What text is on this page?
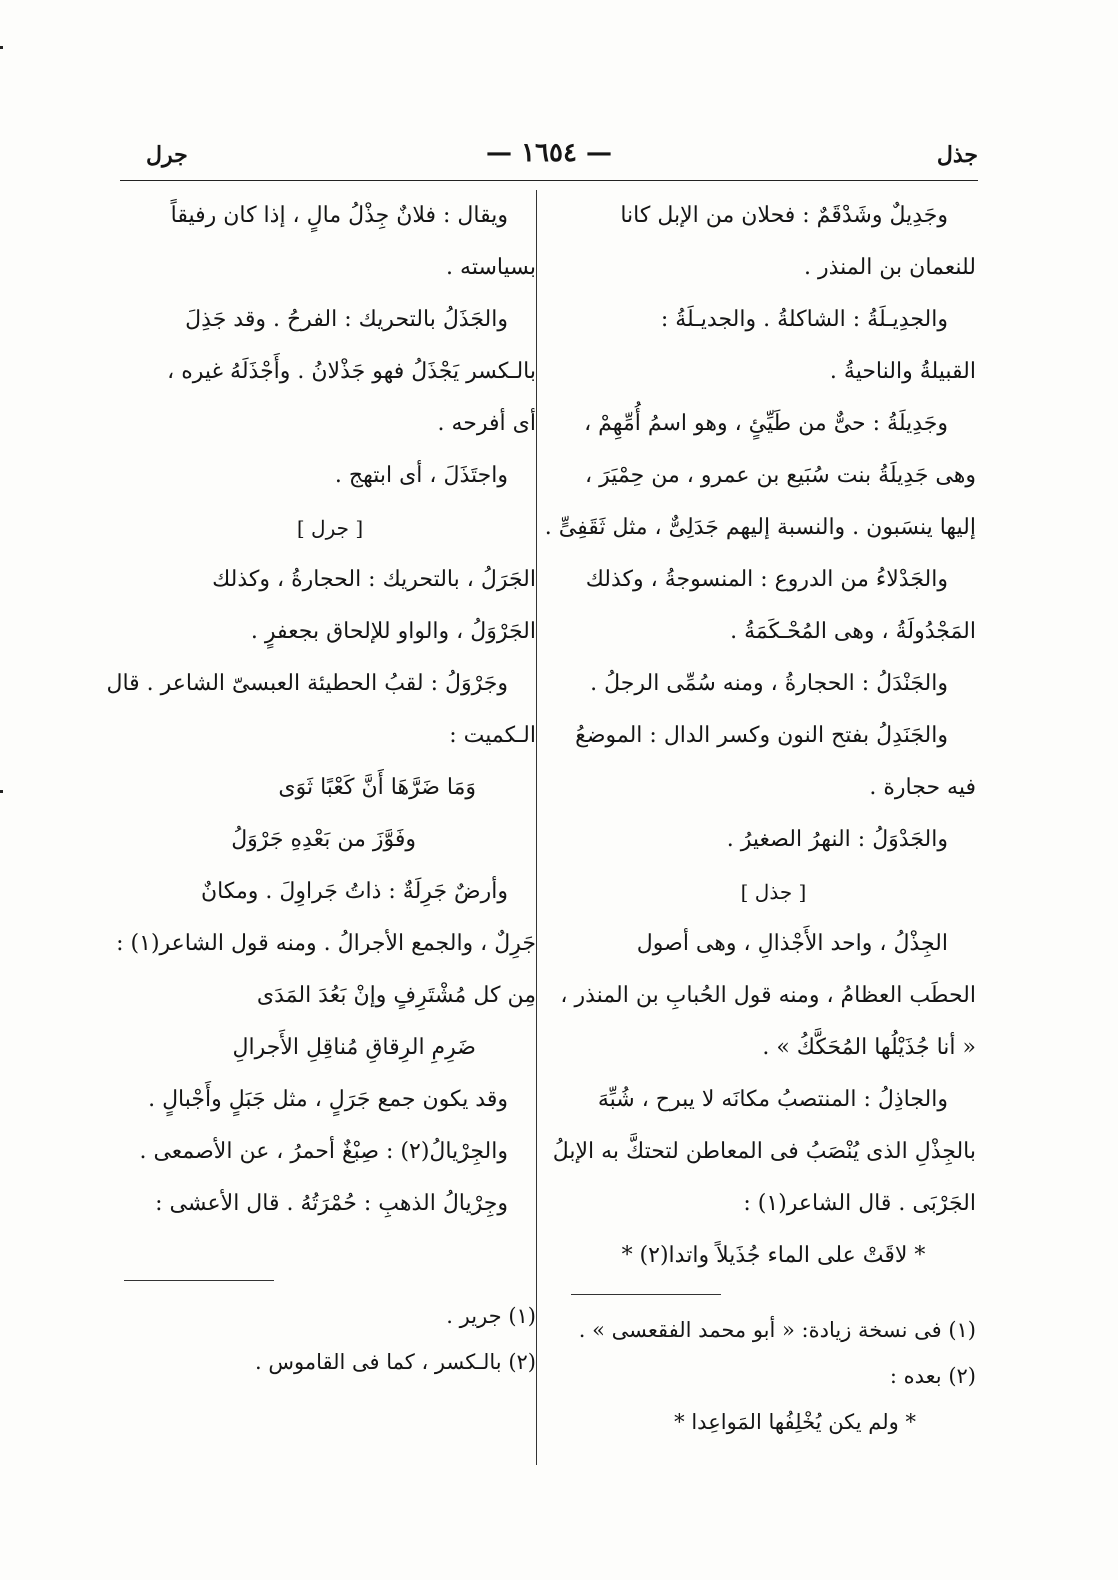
جذل
— ١٦٥٤ —
جرل
وجَدِيلٌ وشَدْقَمٌ : فحلان من الإبل كانا
للنعمان بن المنذر .
والجدِيـلَةُ : الشاكلةُ . والجديـلَةُ :
القبيلةُ والناحيةُ .
وجَدِيلَةُ : حىٌّ من طَيِّئٍ ، وهو اسمُ أُمِّهِمْ ،
وهى جَدِيلَةُ بنت سُبَيع بن عمرو ، من حِمْيَرَ ،
إليها ينسَبون . والنسبة إليهم جَدَلِىٌّ ، مثل ثَقَفِىٍّ .
والجَدْلاءُ من الدروع : المنسوجةُ ، وكذلك
المَجْدُولَةُ ، وهى المُحْـكَمَةُ .
والجَنْدَلُ : الحجارةُ ، ومنه سُمِّى الرجلُ .
والجَنَدِلُ بفتح النون وكسر الدال : الموضعُ
فيه حجارة .
والجَدْوَلُ : النهرُ الصغيرُ .
[ جذل ]
الجِذْلُ ، واحد الأَجْذالِ ، وهى أصول
الحطَب العظامُ ، ومنه قول الحُبابِ بن المنذر ،
« أنا جُذَيْلُها المُحَكَّكُ » .
والجاذِلُ : المنتصبُ مكانَه لا يبرح ، شُبِّهَ
بالجِذْلِ الذى يُنْصَبُ فى المعاطن لتحتكَّ به الإبلُ
الجَرْبَى . قال الشاعر(١) :
* لاقَتْ على الماء جُذَيلاً واتدا(٢) *
(١) فى نسخة زيادة: « أبو محمد الفقعسى » .
(٢) بعده :
* ولم يكن يُخْلِفُها المَواعِدا *
ويقال : فلانٌ جِذْلُ مالٍ ، إذا كان رفيقاً
بسياسته .
والجَذَلُ بالتحريك : الفرحُ . وقد جَذِلَ
بالـكسر يَجْذَلُ فهو جَذْلانُ . وأَجْذَلَهُ غيره ،
أى أفرحه .
واجتَذَلَ ، أى ابتهج .
[ جرل ]
الجَرَلُ ، بالتحريك : الحجارةُ ، وكذلك
الجَرْوَلُ ، والواو للإلحاق بجعفرٍ .
وجَرْوَلُ : لقبُ الحطيئة العبسىّ الشاعر . قال
الـكميت :
وَمَا ضَرَّهَا أَنَّ كَعْبًا ثَوَى
وفَوَّزَ من بَعْدِهِ جَرْوَلُ
وأرضٌ جَرِلَةٌ : ذاتُ جَراوِلَ . ومكانٌ
جَرِلٌ ، والجمع الأجرالُ . ومنه قول الشاعر(١) :
مِن كل مُشْتَرِفٍ وإنْ بَعُدَ المَدَى
ضَرِمِ الرِقاقِ مُناقِلِ الأَجرالِ
وقد يكون جمع جَرَلٍ ، مثل جَبَلٍ وأَجْبالٍ .
والجِرْيالُ(٢) : صِبْغٌ أحمرُ ، عن الأصمعى .
وجِرْيالُ الذهبِ : حُمْرَتُهُ . قال الأعشى :
(١) جرير .
(٢) بالـكسر ، كما فى القاموس .
